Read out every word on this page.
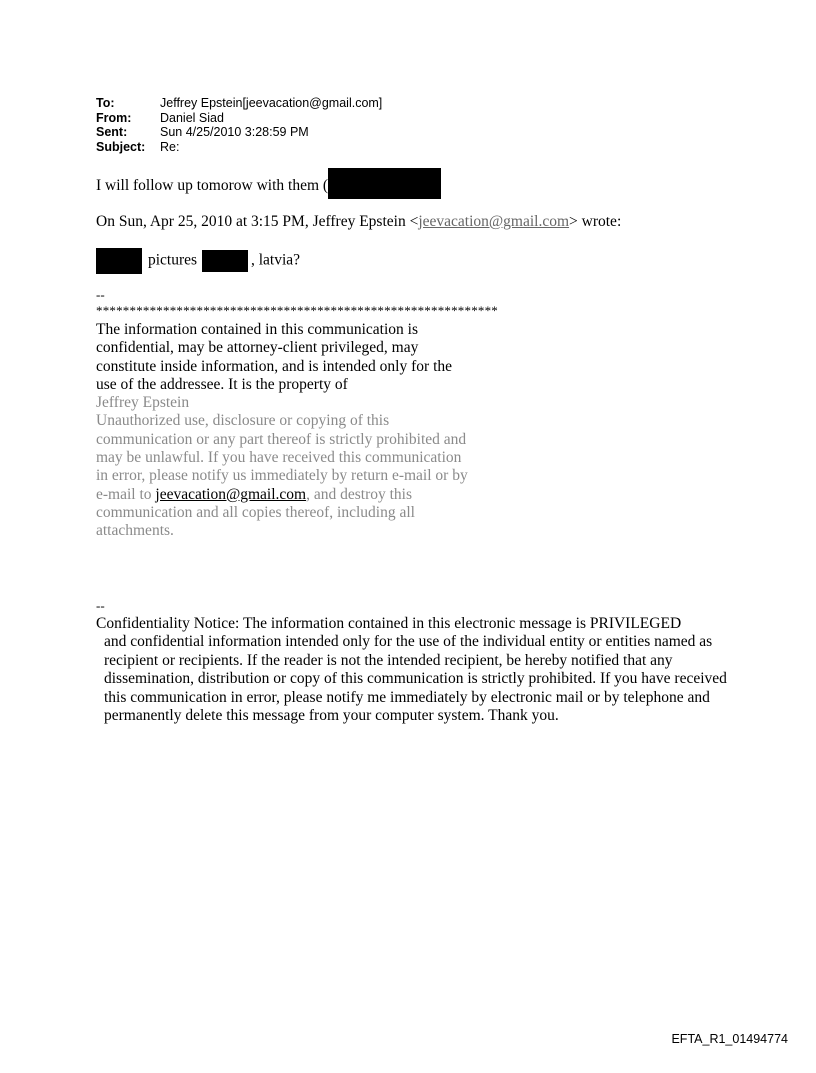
To:	Jeffrey Epstein[jeevacation@gmail.com]
From:	Daniel Siad
Sent:	Sun 4/25/2010 3:28:59 PM
Subject:	Re:
I will follow up tomorow with them (
On Sun, Apr 25, 2010 at 3:15 PM, Jeffrey Epstein <jeevacation@gmail.com> wrote:
pictures	, latvia?
--
************************************************************
The information contained in this communication is confidential, may be attorney-client privileged, may constitute inside information, and is intended only for the use of the addressee. It is the property of
Jeffrey Epstein
Unauthorized use, disclosure or copying of this communication or any part thereof is strictly prohibited and may be unlawful. If you have received this communication in error, please notify us immediately by return e-mail or by e-mail to jeevacation@gmail.com, and destroy this communication and all copies thereof, including all attachments.
--
Confidentiality Notice: The information contained in this electronic message is PRIVILEGED
and confidential information intended only for the use of the individual entity or entities named as recipient or recipients. If the reader is not the intended recipient, be hereby notified that any dissemination, distribution or copy of this communication is strictly prohibited. If you have received this communication in error, please notify me immediately by electronic mail or by telephone and permanently delete this message from your computer system. Thank you.
EFTA_R1_01494774
